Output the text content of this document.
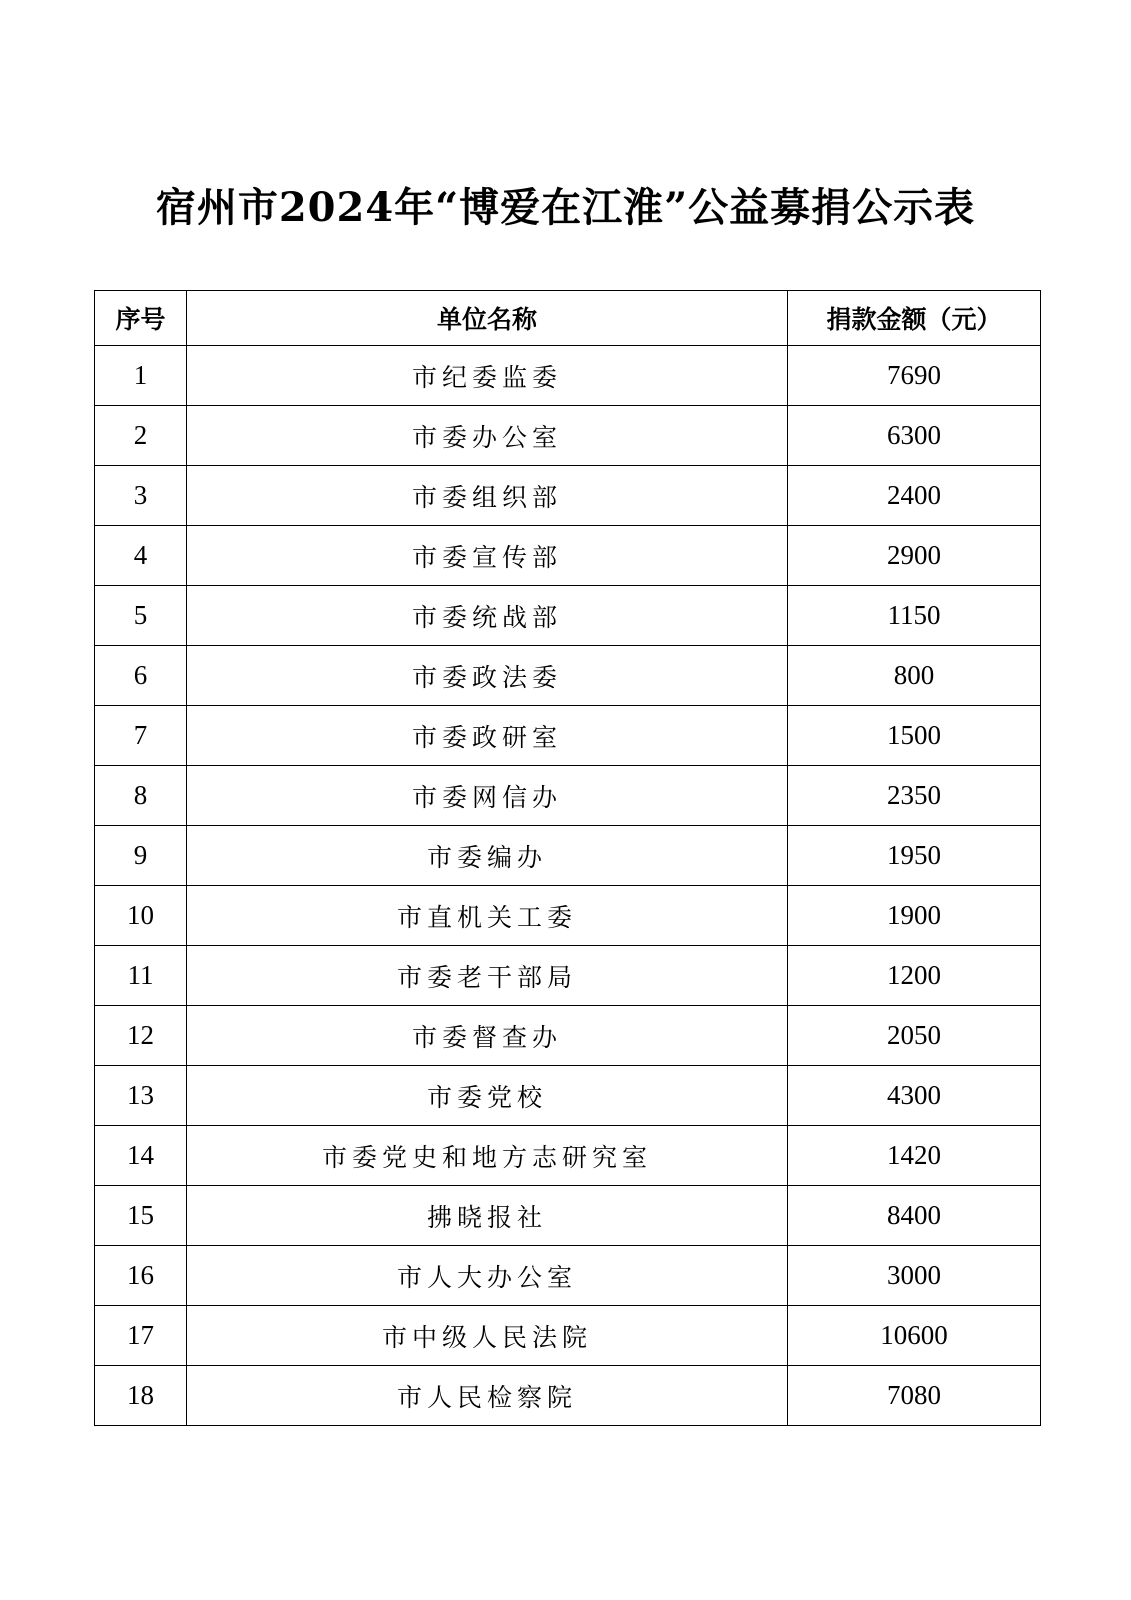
宿州市2024年“博爱在江淮”公益募捐公示表
序号	单位名称	捐款金额（元）
1	市纪委监委	7690
2	市委办公室	6300
3	市委组织部	2400
4	市委宣传部	2900
5	市委统战部	1150
6	市委政法委	800
7	市委政研室	1500
8	市委网信办	2350
9	市委编办	1950
10	市直机关工委	1900
11	市委老干部局	1200
12	市委督查办	2050
13	市委党校	4300
14	市委党史和地方志研究室	1420
15	拂晓报社	8400
16	市人大办公室	3000
17	市中级人民法院	10600
18	市人民检察院	7080
